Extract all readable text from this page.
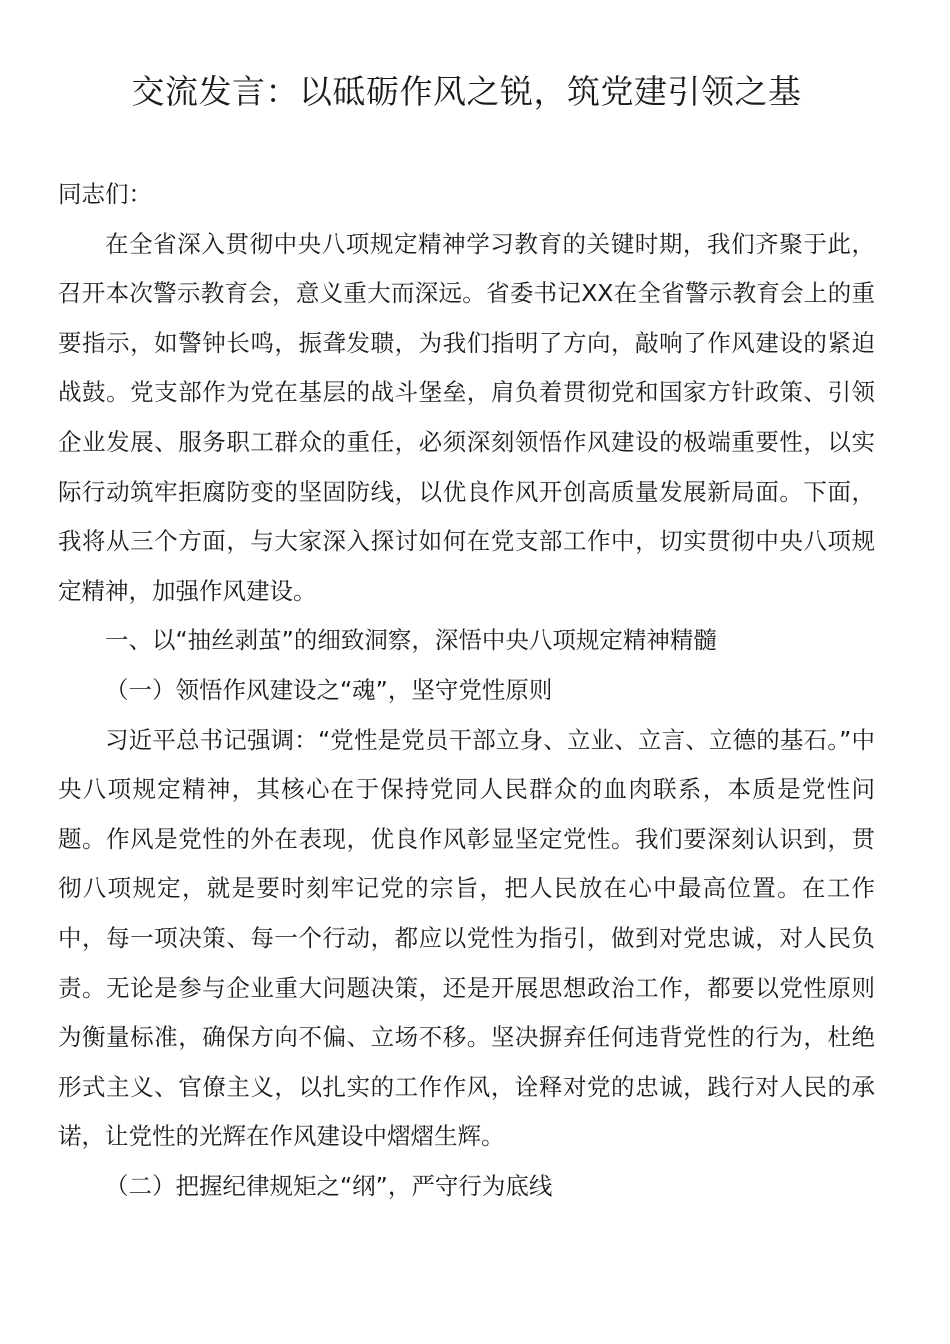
交流发言：以砥砺作风之锐，筑党建引领之基

同志们：

在全省深入贯彻中央八项规定精神学习教育的关键时期，我们齐聚于此，召开本次警示教育会，意义重大而深远。省委书记XX在全省警示教育会上的重要指示，如警钟长鸣，振聋发聩，为我们指明了方向，敲响了作风建设的紧迫战鼓。党支部作为党在基层的战斗堡垒，肩负着贯彻党和国家方针政策、引领企业发展、服务职工群众的重任，必须深刻领悟作风建设的极端重要性，以实际行动筑牢拒腐防变的坚固防线，以优良作风开创高质量发展新局面。下面，我将从三个方面，与大家深入探讨如何在党支部工作中，切实贯彻中央八项规定精神，加强作风建设。

一、以“抽丝剥茧”的细致洞察，深悟中央八项规定精神精髓

（一）领悟作风建设之“魂”，坚守党性原则

习近平总书记强调：“党性是党员干部立身、立业、立言、立德的基石。”中央八项规定精神，其核心在于保持党同人民群众的血肉联系，本质是党性问题。作风是党性的外在表现，优良作风彰显坚定党性。我们要深刻认识到，贯彻八项规定，就是要时刻牢记党的宗旨，把人民放在心中最高位置。在工作中，每一项决策、每一个行动，都应以党性为指引，做到对党忠诚，对人民负责。无论是参与企业重大问题决策，还是开展思想政治工作，都要以党性原则为衡量标准，确保方向不偏、立场不移。坚决摒弃任何违背党性的行为，杜绝形式主义、官僚主义，以扎实的工作作风，诠释对党的忠诚，践行对人民的承诺，让党性的光辉在作风建设中熠熠生辉。

（二）把握纪律规矩之“纲”，严守行为底线
